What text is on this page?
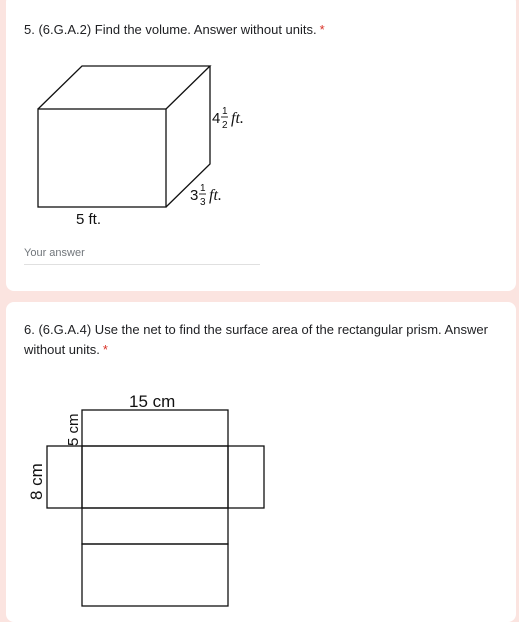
5. (6.G.A.2) Find the volume. Answer without units. *
4 1
2 ft.
3 1
3 ft.
5 ft.
Your answer
6. (6.G.A.4) Use the net to find the surface area of the rectangular prism. Answer without units. *
15 cm
5 cm
8 cm
